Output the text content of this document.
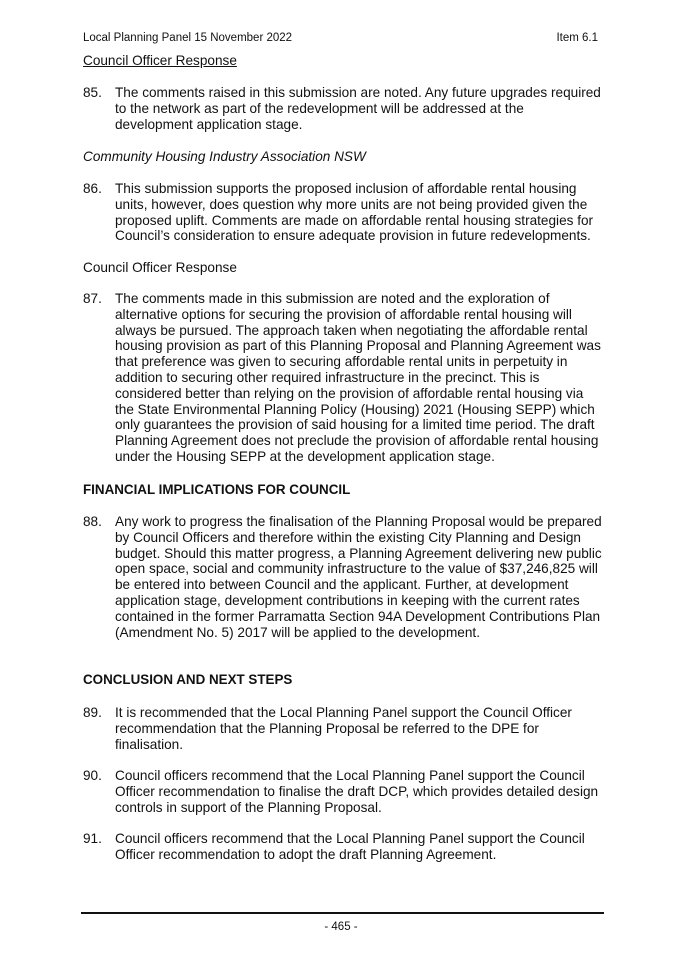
Local Planning Panel 15 November 2022	Item 6.1
Council Officer Response
85. The comments raised in this submission are noted. Any future upgrades required to the network as part of the redevelopment will be addressed at the development application stage.
Community Housing Industry Association NSW
86. This submission supports the proposed inclusion of affordable rental housing units, however, does question why more units are not being provided given the proposed uplift. Comments are made on affordable rental housing strategies for Council’s consideration to ensure adequate provision in future redevelopments.
Council Officer Response
87. The comments made in this submission are noted and the exploration of alternative options for securing the provision of affordable rental housing will always be pursued. The approach taken when negotiating the affordable rental housing provision as part of this Planning Proposal and Planning Agreement was that preference was given to securing affordable rental units in perpetuity in addition to securing other required infrastructure in the precinct. This is considered better than relying on the provision of affordable rental housing via the State Environmental Planning Policy (Housing) 2021 (Housing SEPP) which only guarantees the provision of said housing for a limited time period. The draft Planning Agreement does not preclude the provision of affordable rental housing under the Housing SEPP at the development application stage.
FINANCIAL IMPLICATIONS FOR COUNCIL
88. Any work to progress the finalisation of the Planning Proposal would be prepared by Council Officers and therefore within the existing City Planning and Design budget. Should this matter progress, a Planning Agreement delivering new public open space, social and community infrastructure to the value of $37,246,825 will be entered into between Council and the applicant. Further, at development application stage, development contributions in keeping with the current rates contained in the former Parramatta Section 94A Development Contributions Plan (Amendment No. 5) 2017 will be applied to the development.
CONCLUSION AND NEXT STEPS
89. It is recommended that the Local Planning Panel support the Council Officer recommendation that the Planning Proposal be referred to the DPE for finalisation.
90. Council officers recommend that the Local Planning Panel support the Council Officer recommendation to finalise the draft DCP, which provides detailed design controls in support of the Planning Proposal.
91. Council officers recommend that the Local Planning Panel support the Council Officer recommendation to adopt the draft Planning Agreement.
- 465 -
